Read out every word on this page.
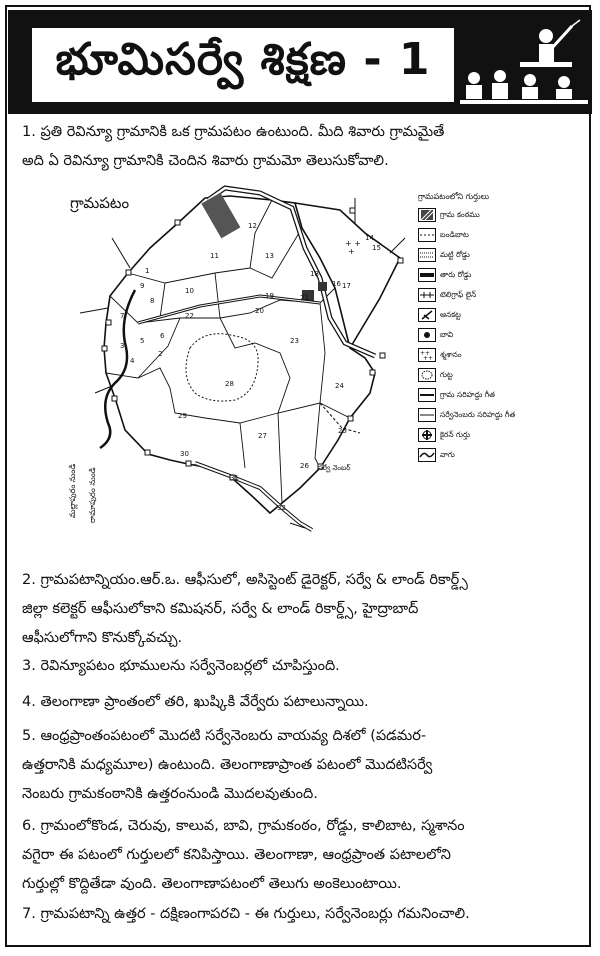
భూమిసర్వే శిక్షణ - 1
1. ప్రతి రెవిన్యూ గ్రామానికి ఒక గ్రామపటం ఉంటుంది. మీది శివారు గ్రామమైతే
అది ఏ రెవిన్యూ గ్రామానికి చెందిన శివారు గ్రామమో తెలుసుకోవాలి.
గ్రామపటం
12
11	13
9
10
7
8
3
4
5
6
19
20
21
18
14
15
16 17
23
22
28
29
27
24
25
26
30
31
32
1
2
సర్వే నెంబర్
+ +
+
మల్లాపురం నుండి రామాపురం నుండి
గ్రామపటంలోని గుర్తులు
గ్రామ కంఠము
బండిబాట
మట్టి రోడ్డు
తారు రోడ్డు
టెలిగ్రాఫ్ లైన్
ఆనకట్ట
బావి
++
++ శ్మశానం
గుట్ట
గ్రామ సరిహద్దు గీత
సర్వేనెంబరు సరిహద్దు గీత
కైరన్ గుర్తు
వాగు
2. గ్రామపటాన్నియం.ఆర్.ఒ. ఆఫీసులో, అసిస్టెంట్ డైరెక్టర్, సర్వే & లాండ్ రికార్డ్స్
జిల్లా కలెక్టర్ ఆఫీసులోకాని కమిషనర్, సర్వే & లాండ్ రికార్డ్స్, హైద్రాబాద్
ఆఫీసులోగాని కొనుక్కోవచ్చు.
3. రెవిన్యూపటం భూములను సర్వేనెంబర్లలో చూపిస్తుంది.
4. తెలంగాణా ప్రాంతంలో తరి, ఖుష్కికి వేర్వేరు పటాలున్నాయి.
5. ఆంధ్రప్రాంతంపటంలో మొదటి సర్వేనెంబరు వాయవ్య దిశలో (పడమర-
ఉత్తరానికి మధ్యమూల) ఉంటుంది. తెలంగాణాప్రాంత పటంలో మొదటిసర్వే
నెంబరు గ్రామకంఠానికి ఉత్తరంనుండి మొదలవుతుంది.
6. గ్రామంలోకొండ, చెరువు, కాలువ, బావి, గ్రామకంఠం, రోడ్డు, కాలిబాట, స్మశానం
వగైరా ఈ పటంలో గుర్తులలో కనిపిస్తాయి. తెలంగాణా, ఆంధ్రప్రాంత పటాలలోని
గుర్తుల్లో కొద్దితేడా వుంది. తెలంగాణాపటంలో తెలుగు అంకెలుంటాయి.
7. గ్రామపటాన్ని ఉత్తర - దక్షిణంగాపరచి - ఈ గుర్తులు, సర్వేనెంబర్లు గమనించాలి.
